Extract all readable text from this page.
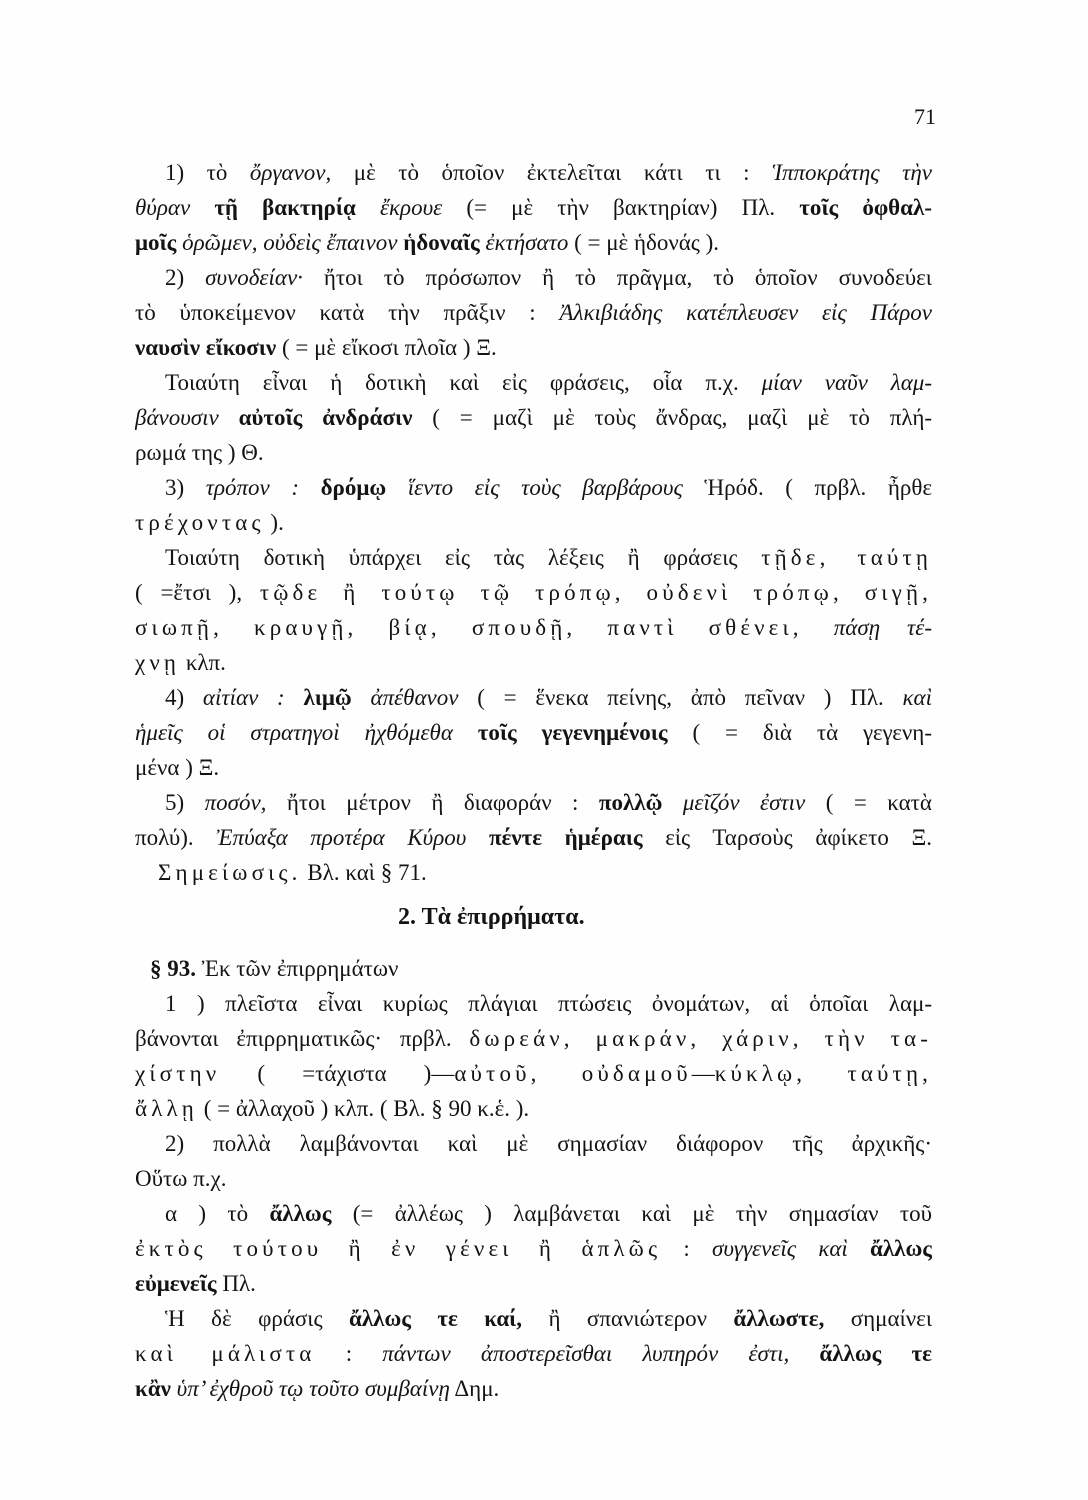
71
1) τὸ ὄργανον, μὲ τὸ ὁποῖον ἐκτελεῖται κάτι τι : Ἱπποκράτης τὴν
θύραν τῇ βακτηρίᾳ ἔκρουε (= μὲ τὴν βακτηρίαν) Πλ. τοῖς ὀφθαλ-
μοῖς ὁρῶμεν, οὐδεὶς ἔπαινον ἡδοναῖς ἐκτήσατο ( = μὲ ἡδονάς ).
2) συνοδείαν· ἤτοι τὸ πρόσωπον ἢ τὸ πρᾶγμα, τὸ ὁποῖον συνοδεύει
τὸ ὑποκείμενον κατὰ τὴν πρᾶξιν : Ἀλκιβιάδης κατέπλευσεν εἰς Πάρον
ναυσὶν εἴκοσιν ( = μὲ εἴκοσι πλοῖα ) Ξ.
Τοιαύτη εἶναι ἡ δοτικὴ καὶ εἰς φράσεις, οἷα π.χ. μίαν ναῦν λαμ-
βάνουσιν αὐτοῖς ἀνδράσιν ( = μαζὶ μὲ τοὺς ἄνδρας, μαζὶ μὲ τὸ πλή-
ρωμά της ) Θ.
3) τρόπον : δρόμῳ ἵεντο εἰς τοὺς βαρβάρους Ἡρόδ. ( πρβλ. ἦρθε
τρέχοντας ).
Τοιαύτη δοτικὴ ὑπάρχει εἰς τὰς λέξεις ἢ φράσεις τῇδε, ταύτῃ
( =ἔτσι ), τῷδε ἢ τούτῳ τῷ τρόπῳ, οὐδενὶ τρόπῳ, σιγῇ,
σιωπῇ, κραυγῇ, βίᾳ, σπουδῇ, παντὶ σθένει, πάσῃ τέ-
χνῃ κλπ.
4) αἰτίαν : λιμῷ ἀπέθανον ( = ἕνεκα πείνης, ἀπὸ πεῖναν ) Πλ. καὶ
ἡμεῖς οἱ στρατηγοὶ ἠχθόμεθα τοῖς γεγενημένοις ( = διὰ τὰ γεγενη-
μένα ) Ξ.
5) ποσόν, ἤτοι μέτρον ἢ διαφοράν : πολλῷ μεῖζόν ἐστιν ( = κατὰ
πολύ). Ἐπύαξα προτέρα Κύρου πέντε ἡμέραις εἰς Ταρσοὺς ἀφίκετο Ξ.
Σημείωσις. Βλ. καὶ § 71.
2. Τὰ ἐπιρρήματα.
§ 93. Ἐκ τῶν ἐπιρρημάτων
1 ) πλεῖστα εἶναι κυρίως πλάγιαι πτώσεις ὀνομάτων, αἱ ὁποῖαι λαμ-
βάνονται ἐπιρρηματικῶς· πρβλ. δωρεάν, μακράν, χάριν, τὴν τα-
χίστην ( =τάχιστα )—αὐτοῦ, οὐδαμοῦ—κύκλῳ, ταύτῃ,
ἄλλῃ ( = ἀλλαχοῦ ) κλπ. ( Βλ. § 90 κ.ἑ. ).
2) πολλὰ λαμβάνονται καὶ μὲ σημασίαν διάφορον τῆς ἀρχικῆς·
Οὕτω π.χ.
α ) τὸ ἄλλως (= ἀλλέως ) λαμβάνεται καὶ μὲ τὴν σημασίαν τοῦ
ἐκτὸς τούτου ἢ ἐν γένει ἢ ἁπλῶς : συγγενεῖς καὶ ἄλλως
εὐμενεῖς Πλ.
Ἡ δὲ φράσις ἄλλως τε καί, ἢ σπανιώτερον ἄλλωστε, σημαίνει
καὶ μάλιστα : πάντων ἀποστερεῖσθαι λυπηρόν ἐστι, ἄλλως τε
κἂν ὑπ’ ἐχθροῦ τῳ τοῦτο συμβαίνῃ Δημ.
